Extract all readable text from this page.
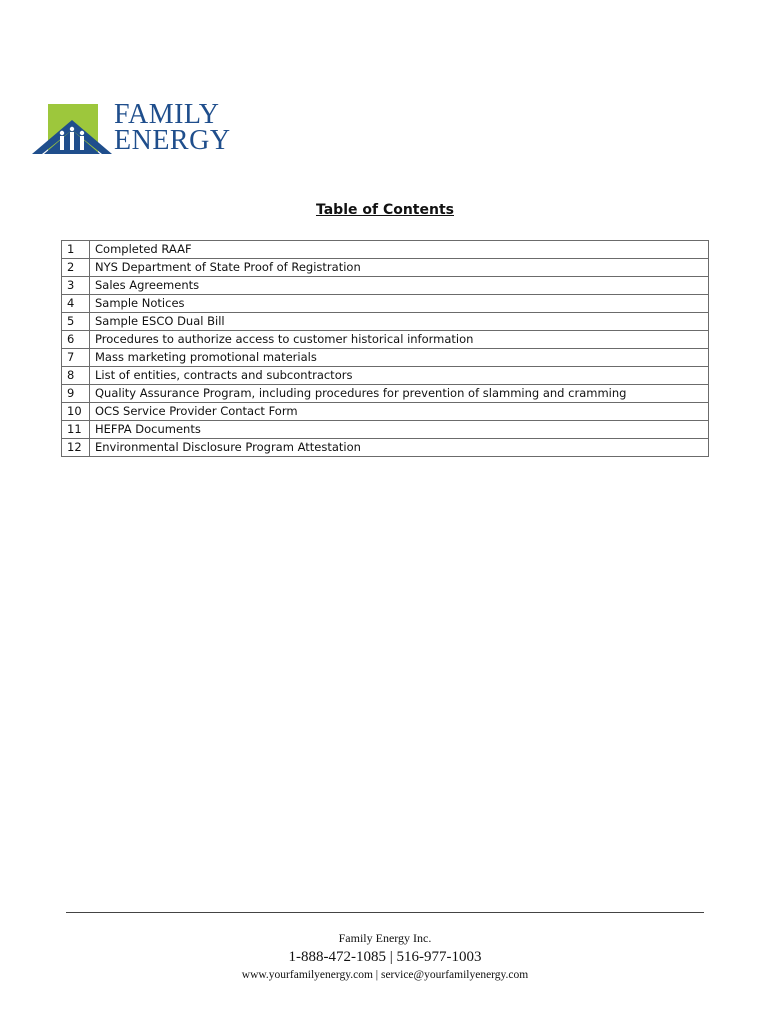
FAMILY
ENERGY
Table of Contents
1	Completed RAAF
2	NYS Department of State Proof of Registration
3	Sales Agreements
4	Sample Notices
5	Sample ESCO Dual Bill
6	Procedures to authorize access to customer historical information
7	Mass marketing promotional materials
8	List of entities, contracts and subcontractors
9	Quality Assurance Program, including procedures for prevention of slamming and cramming
10	OCS Service Provider Contact Form
11	HEFPA Documents
12	Environmental Disclosure Program Attestation
Family Energy Inc.
1-888-472-1085 | 516-977-1003
www.yourfamilyenergy.com | service@yourfamilyenergy.com
